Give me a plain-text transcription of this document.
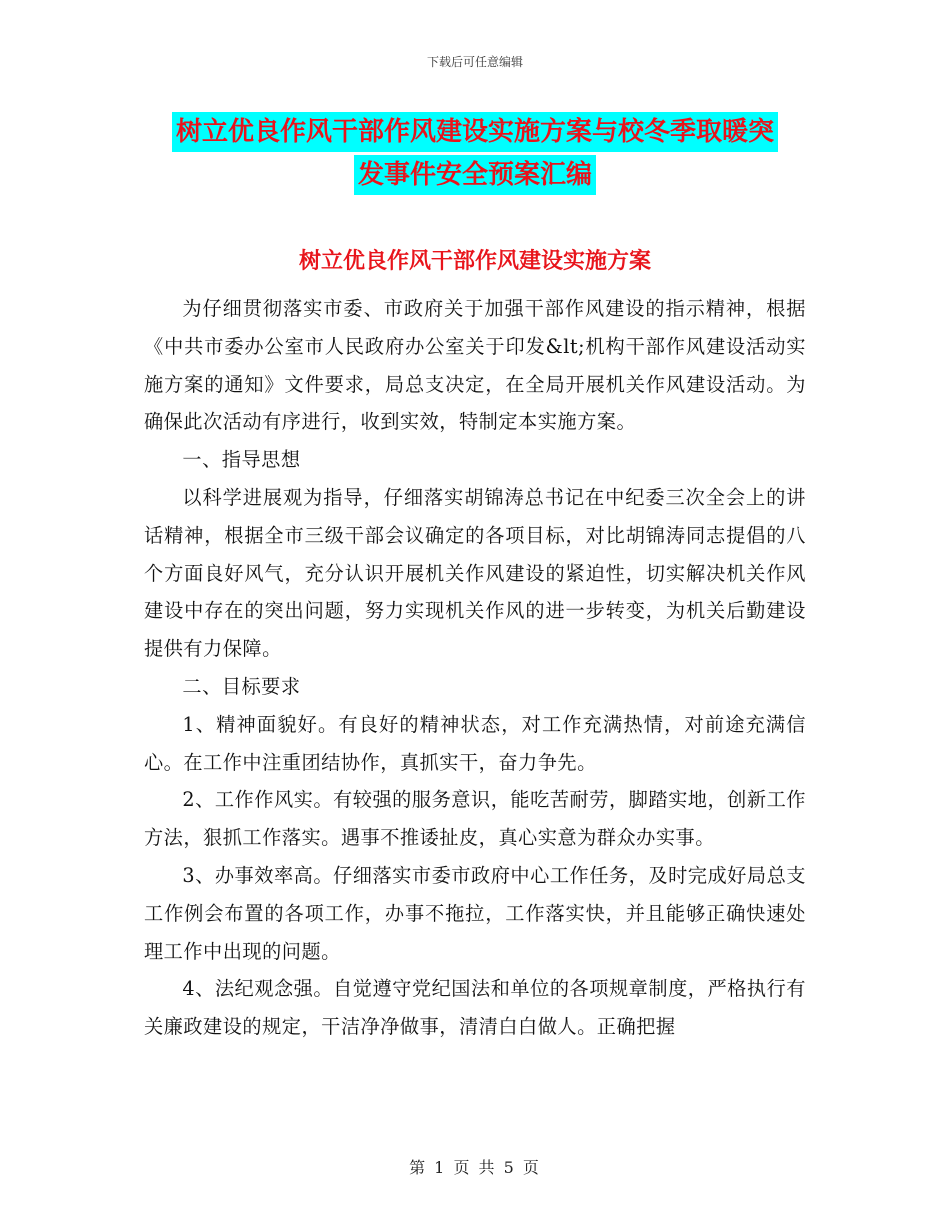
下载后可任意编辑
树立优良作风干部作风建设实施方案与校冬季取暖突
发事件安全预案汇编
树立优良作风干部作风建设实施方案

为仔细贯彻落实市委、市政府关于加强干部作风建设的指示精神，根据《中共市委办公室市人民政府办公室关于印发&lt;机构干部作风建设活动实施方案的通知》文件要求，局总支决定，在全局开展机关作风建设活动。为确保此次活动有序进行，收到实效，特制定本实施方案。

一、指导思想

以科学进展观为指导，仔细落实胡锦涛总书记在中纪委三次全会上的讲话精神，根据全市三级干部会议确定的各项目标，对比胡锦涛同志提倡的八个方面良好风气，充分认识开展机关作风建设的紧迫性，切实解决机关作风建设中存在的突出问题，努力实现机关作风的进一步转变，为机关后勤建设提供有力保障。

二、目标要求

1、精神面貌好。有良好的精神状态，对工作充满热情，对前途充满信心。在工作中注重团结协作，真抓实干，奋力争先。

2、工作作风实。有较强的服务意识，能吃苦耐劳，脚踏实地，创新工作方法，狠抓工作落实。遇事不推诿扯皮，真心实意为群众办实事。

3、办事效率高。仔细落实市委市政府中心工作任务，及时完成好局总支工作例会布置的各项工作，办事不拖拉，工作落实快，并且能够正确快速处理工作中出现的问题。

4、法纪观念强。自觉遵守党纪国法和单位的各项规章制度，严格执行有关廉政建设的规定，干洁净净做事，清清白白做人。正确把握

第 1 页 共 5 页
